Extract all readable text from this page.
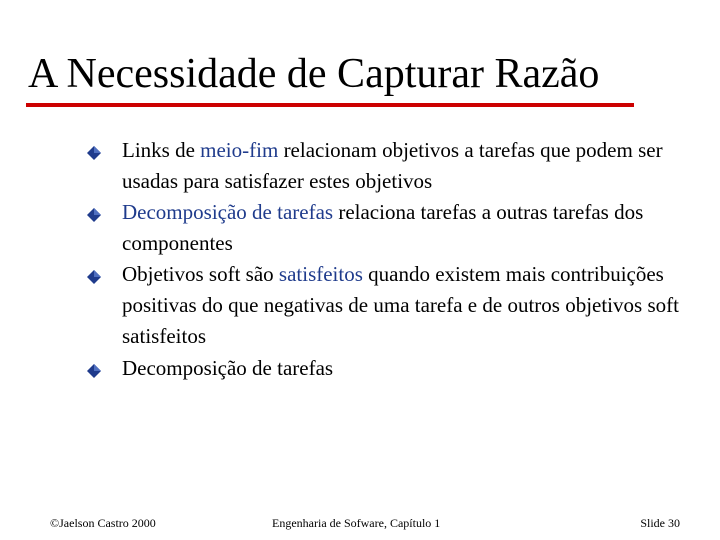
A Necessidade de Capturar Razão
Links de meio-fim relacionam objetivos a tarefas que podem ser usadas para satisfazer estes objetivos
Decomposição de tarefas relaciona tarefas a outras tarefas dos componentes
Objetivos soft são satisfeitos quando existem mais contribuições positivas do que negativas de uma tarefa e de outros objetivos soft satisfeitos
Decomposição de tarefas
©Jaelson Castro 2000	Engenharia de Sofware, Capítulo 1	Slide 30
